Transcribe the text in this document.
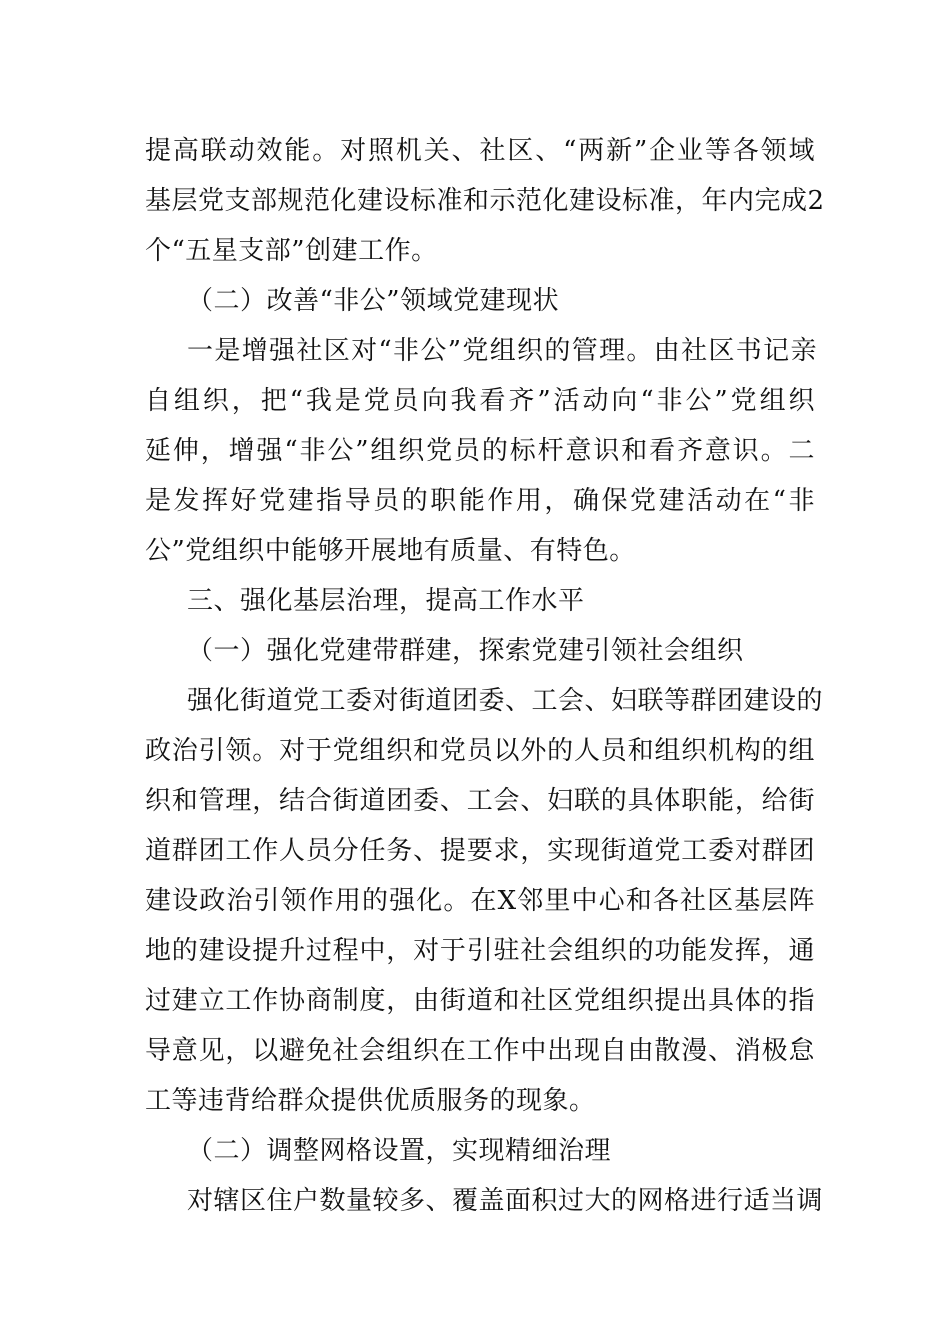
提高联动效能。对照机关、社区、“两新”企业等各领域
基层党支部规范化建设标准和示范化建设标准，年内完成2
个“五星支部”创建工作。
（二）改善“非公”领域党建现状
一是增强社区对“非公”党组织的管理。由社区书记亲
自组织，把“我是党员向我看齐”活动向“非公”党组织
延伸，增强“非公”组织党员的标杆意识和看齐意识。二
是发挥好党建指导员的职能作用，确保党建活动在“非
公”党组织中能够开展地有质量、有特色。
三、强化基层治理，提高工作水平
（一）强化党建带群建，探索党建引领社会组织
强化街道党工委对街道团委、工会、妇联等群团建设的
政治引领。对于党组织和党员以外的人员和组织机构的组
织和管理，结合街道团委、工会、妇联的具体职能，给街
道群团工作人员分任务、提要求，实现街道党工委对群团
建设政治引领作用的强化。在X邻里中心和各社区基层阵
地的建设提升过程中，对于引驻社会组织的功能发挥，通
过建立工作协商制度，由街道和社区党组织提出具体的指
导意见，以避免社会组织在工作中出现自由散漫、消极怠
工等违背给群众提供优质服务的现象。
（二）调整网格设置，实现精细治理
对辖区住户数量较多、覆盖面积过大的网格进行适当调
